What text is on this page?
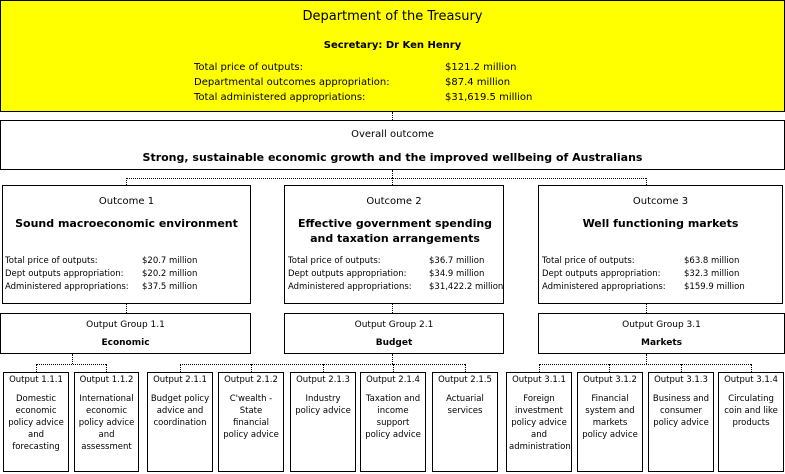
Department of the Treasury
Secretary: Dr Ken Henry
Total price of outputs:	$121.2 million
Departmental outcomes appropriation:	$87.4 million
Total administered appropriations:	$31,619.5 million
Overall outcome
Strong, sustainable economic growth and the improved wellbeing of Australians
Outcome 1
Sound macroeconomic environment
Total price of outputs:	$20.7 million
Dept outputs appropriation: $20.2 million
Administered appropriations: $37.5 million
Outcome 2
Effective government spending and taxation arrangements
Total price of outputs:	$36.7 million
Dept outputs appropriation:	$34.9 million
Administered appropriations: $31,422.2 million
Outcome 3
Well functioning markets
Total price of outputs:	$63.8 million
Dept outputs appropriation:	$32.3 million
Administered appropriations: $159.9 million
Output Group 1.1
Economic
Output Group 2.1
Budget
Output Group 3.1
Markets
Output 1.1.1
Domestic economic policy advice and forecasting
Output 1.1.2
International economic policy advice and assessment
Output 2.1.1
Budget policy advice and coordination
Output 2.1.2
C'wealth - State financial policy advice
Output 2.1.3
Industry policy advice
Output 2.1.4
Taxation and income support policy advice
Output 2.1.5
Actuarial services
Output 3.1.1
Foreign investment policy advice and administration
Output 3.1.2
Financial system and markets policy advice
Output 3.1.3
Business and consumer policy advice
Output 3.1.4
Circulating coin and like products
